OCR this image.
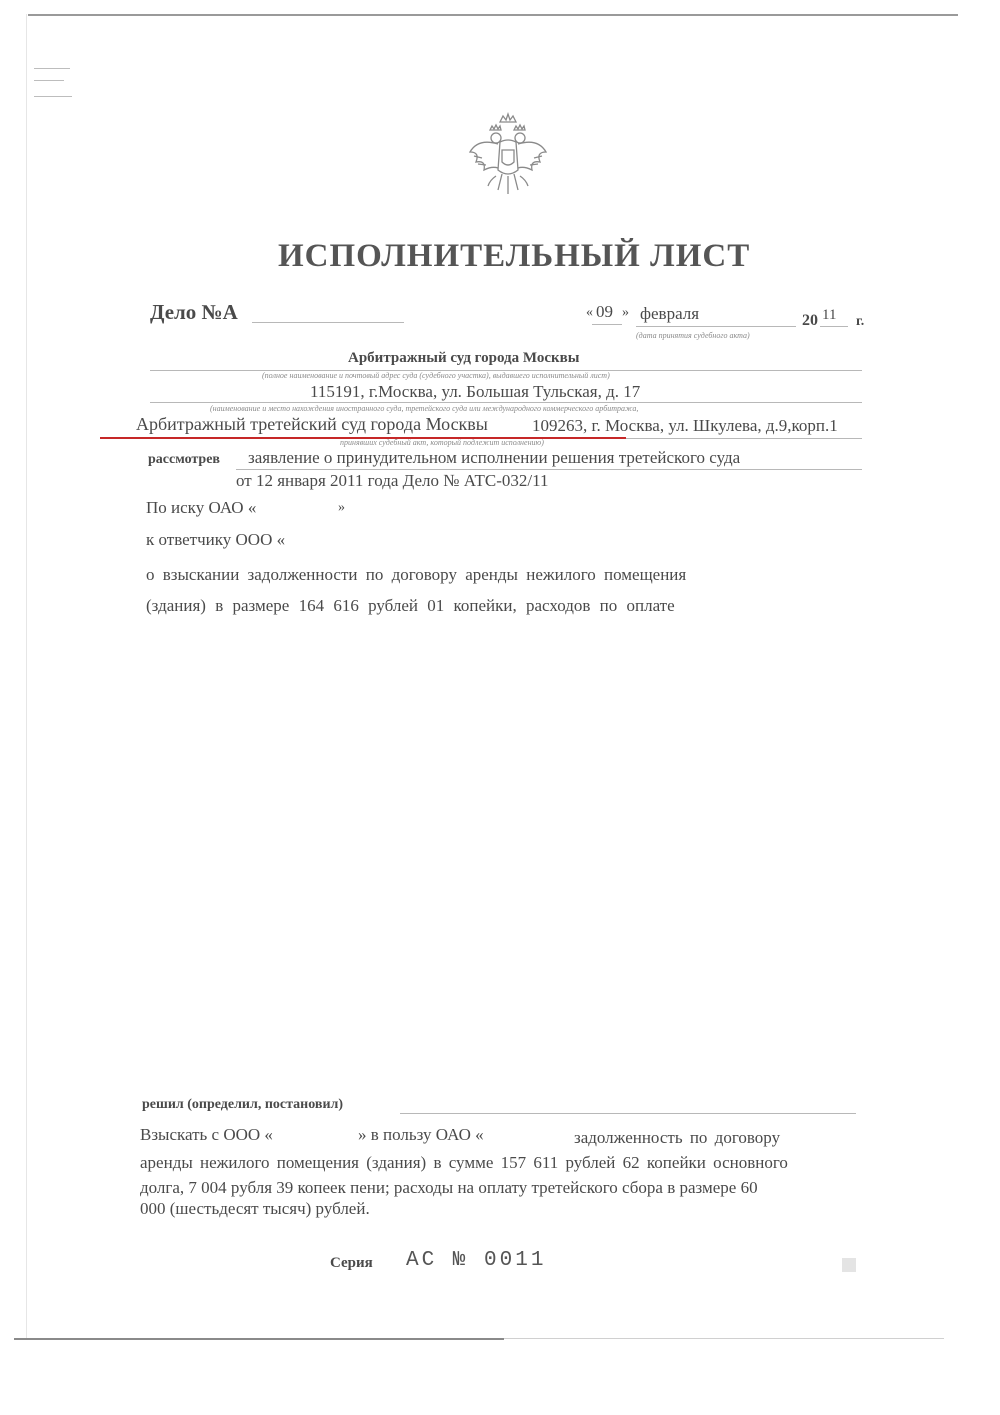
ИСПОЛНИТЕЛЬНЫЙ ЛИСТ
Дело №А	« 09 » февраля	20 11 г.
(дата принятия судебного акта)
Арбитражный суд города Москвы
(полное наименование и почтовый адрес суда (судебного участка), выдавшего исполнительный лист)
115191, г.Москва, ул. Большая Тульская, д. 17
(наименование и место нахождения иностранного суда, третейского суда или международного коммерческого арбитража,
Арбитражный третейский суд города Москвы	109263, г. Москва, ул. Шкулева, д.9,корп.1
принявших судебный акт, который подлежит исполнению)
рассмотрев заявление о принудительном исполнении решения третейского суда
от 12 января 2011 года Дело № АТС-032/11
По иску ОАО «	»
к ответчику ООО «
о взыскании задолженности по договору аренды нежилого помещения
(здания) в размере 164 616 рублей 01 копейки, расходов по оплате
решил (определил, постановил)
Взыскать с ООО «	» в пользу ОАО «	задолженность по договору
аренды нежилого помещения (здания) в сумме 157 611 рублей 62 копейки основного
долга, 7 004 рубля 39 копеек пени; расходы на оплату третейского сбора в размере 60
000 (шестьдесят тысяч) рублей.
Серия АС № 0011
